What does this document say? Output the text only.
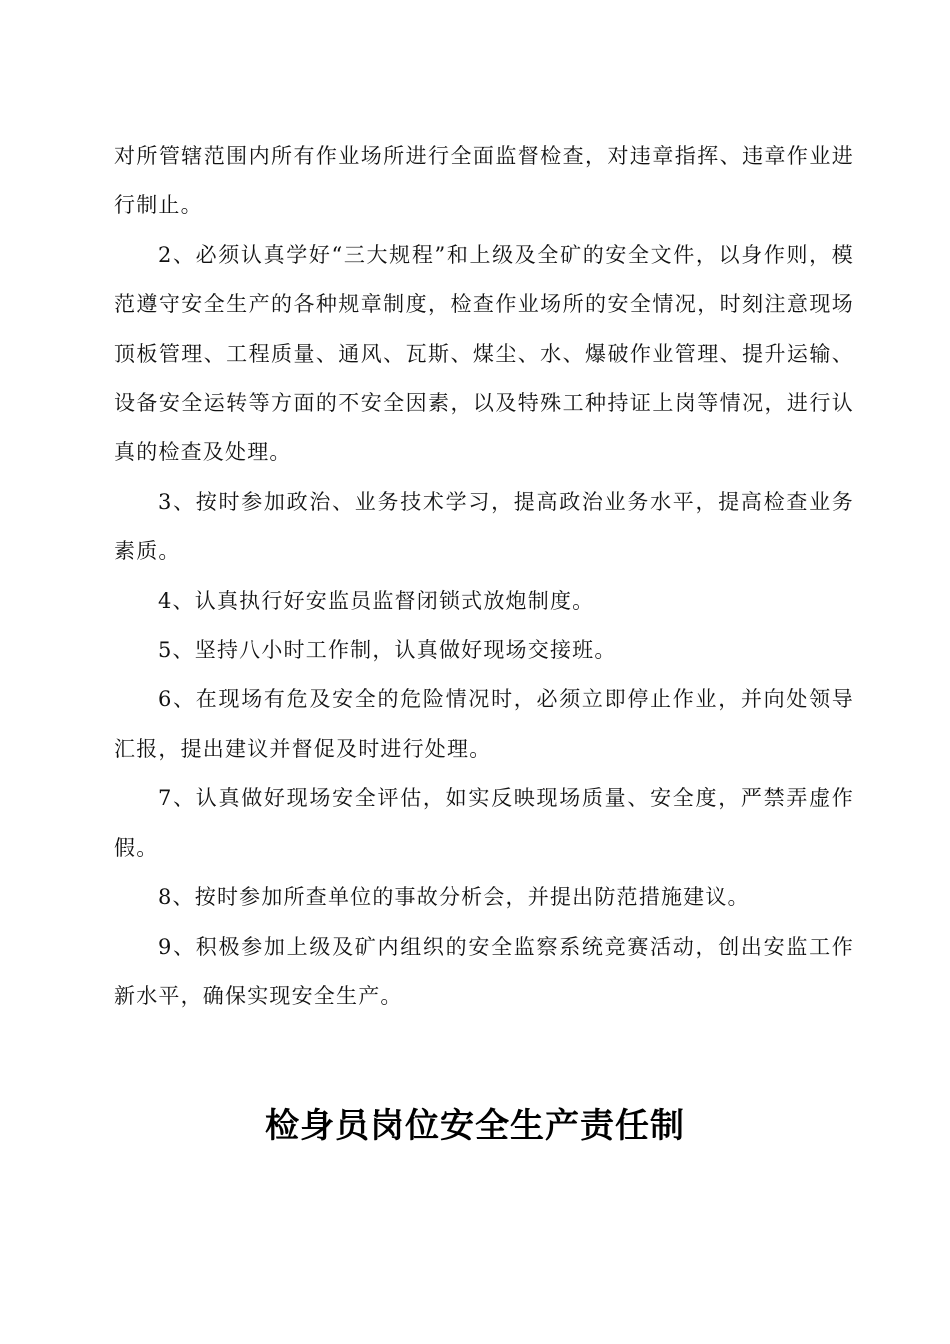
对所管辖范围内所有作业场所进行全面监督检查，对违章指挥、违章作业进行制止。

2、必须认真学好“三大规程”和上级及全矿的安全文件，以身作则，模范遵守安全生产的各种规章制度，检查作业场所的安全情况，时刻注意现场顶板管理、工程质量、通风、瓦斯、煤尘、水、爆破作业管理、提升运输、设备安全运转等方面的不安全因素，以及特殊工种持证上岗等情况，进行认真的检查及处理。

3、按时参加政治、业务技术学习，提高政治业务水平，提高检查业务素质。

4、认真执行好安监员监督闭锁式放炮制度。

5、坚持八小时工作制，认真做好现场交接班。

6、在现场有危及安全的危险情况时，必须立即停止作业，并向处领导汇报，提出建议并督促及时进行处理。

7、认真做好现场安全评估，如实反映现场质量、安全度，严禁弄虚作假。

8、按时参加所查单位的事故分析会，并提出防范措施建议。

9、积极参加上级及矿内组织的安全监察系统竞赛活动，创出安监工作新水平，确保实现安全生产。

检身员岗位安全生产责任制
